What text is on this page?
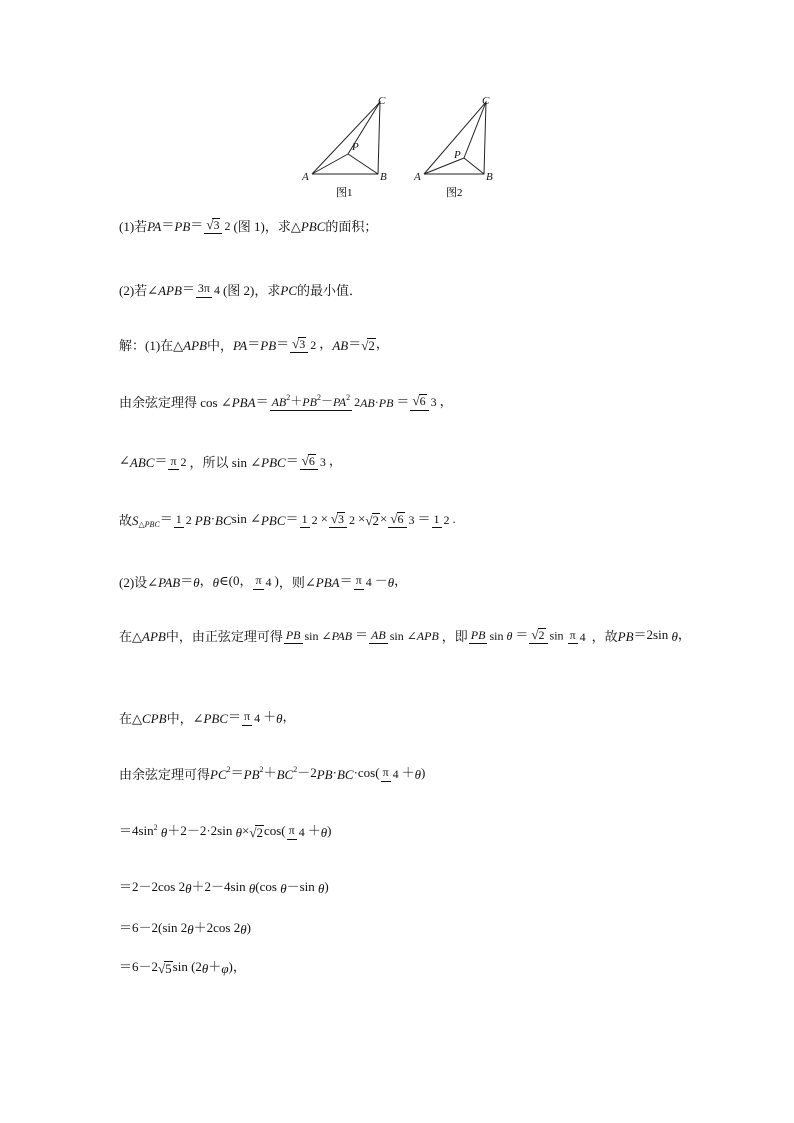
A	B
C
P
图1
A	B
C
P
图2
(1)若PA＝PB＝ √3 2 (图 1)，求△PBC的面积；
(2)若∠APB＝ 3π 4 (图 2)，求PC的最小值．
解：(1)在△APB中，PA＝PB＝ √3 2 ，AB＝√2，
由余弦定理得 cos ∠PBA＝ $AB^2+PB^2-PA^2$ 2AB·PB ＝ √6 3 ，
∠ABC＝ π 2 ，所以 sin ∠PBC＝ √6 3 ，
故$S_{\triangle PBC}= 1$ 2 PB·BCsin ∠PBC＝ 1 2 × √3 2 ×√2× √6 3 ＝ 1 2 .
(2)设∠PAB＝θ，θ∈(0， π 4 )，则∠PBA＝ π 4 －θ，
在△APB中，由正弦定理可得 PB sin ∠PAB ＝ AB sin ∠APB ，即 PB sin θ ＝ √2 sin π 4 ，故PB＝2sin θ，
在△CPB中，∠PBC＝ π 4 ＋θ，
由余弦定理可得$PC^2=PB^2+BC^2-2PB\cdot BC\cdot\cos$( π 4 ＋θ)
$=4\sin^2$ θ＋2－2·2sin θ×√2cos( π 4 ＋θ)
＝2－2cos 2θ＋2－4sin θ(cos θ－sin θ)
＝6－2(sin 2θ＋2cos 2θ)
＝6－2√5sin (2θ＋φ)，
